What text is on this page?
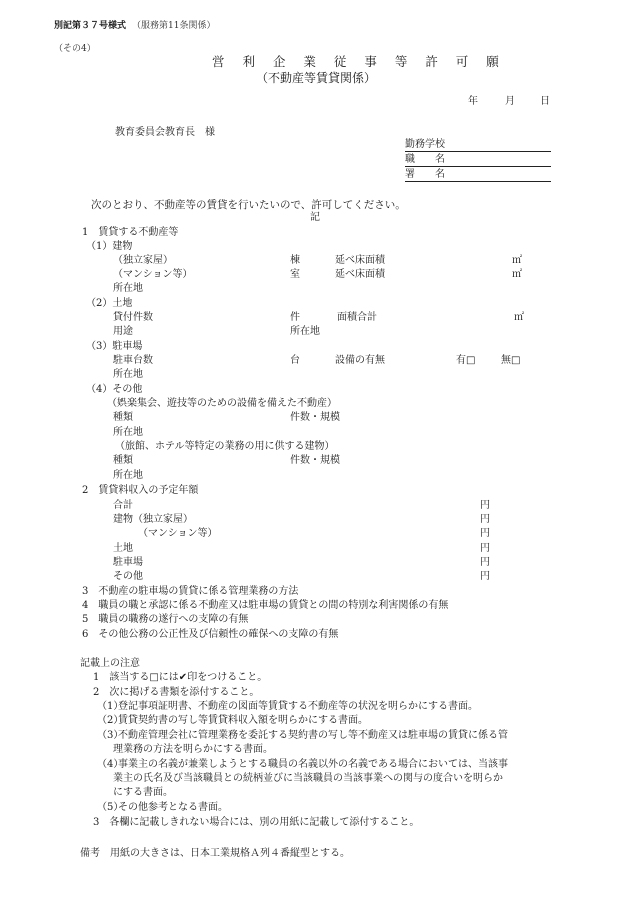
別記第３７号様式 （服務第11条関係）
（その4）
営 利 企 業 従 事 等 許 可 願
（不動産等賃貸関係）
年	月	日
教育委員会教育長　様
勤務学校
職　　名
署　　名
次のとおり、不動産等の賃貸を行いたいので、許可してください。
記
1　賃貸する不動産等
（1）建物
（独立家屋）	棟	延べ床面積	㎡
（マンション等）	室	延べ床面積	㎡
所在地
（2）土地
貸付件数	件	面積合計	㎡
用途	所在地
（3）駐車場
駐車台数	台	設備の有無	有 □	無 □
所在地
（4）その他
（娯楽集会、遊技等のための設備を備えた不動産）
種類	件数・規模
所在地
（旅館、ホテル等特定の業務の用に供する建物）
種類	件数・規模
所在地
2　賃貸料収入の予定年額
合計	円
建物（独立家屋）	円
（マンション等）	円
土地	円
駐車場	円
その他	円
3　不動産の駐車場の賃貸に係る管理業務の方法
4　職員の職と承認に係る不動産又は駐車場の賃貸との間の特別な利害関係の有無
5　職員の職務の遂行への支障の有無
6　その他公務の公正性及び信頼性の確保への支障の有無
記載上の注意
1　該当する□には✔印をつけること。
2　次に掲げる書類を添付すること。
（1）
登記事項証明書、不動産の図面等賃貸する不動産等の状況を明らかにする書面。
（2）
賃貸契約書の写し等賃貸料収入額を明らかにする書面。
（3）
不動産管理会社に管理業務を委託する契約書の写し等不動産又は駐車場の賃貸に係る管
理業務の方法を明らかにする書面。
（4）
事業主の名義が兼業しようとする職員の名義以外の名義である場合においては、当該事
業主の氏名及び当該職員との続柄並びに当該職員の当該事業への関与の度合いを明らか
にする書面。
（5）
その他参考となる書面。
3　各欄に記載しきれない場合には、別の用紙に記載して添付すること。
備考　用紙の大きさは、日本工業規格Ａ列４番縦型とする。
